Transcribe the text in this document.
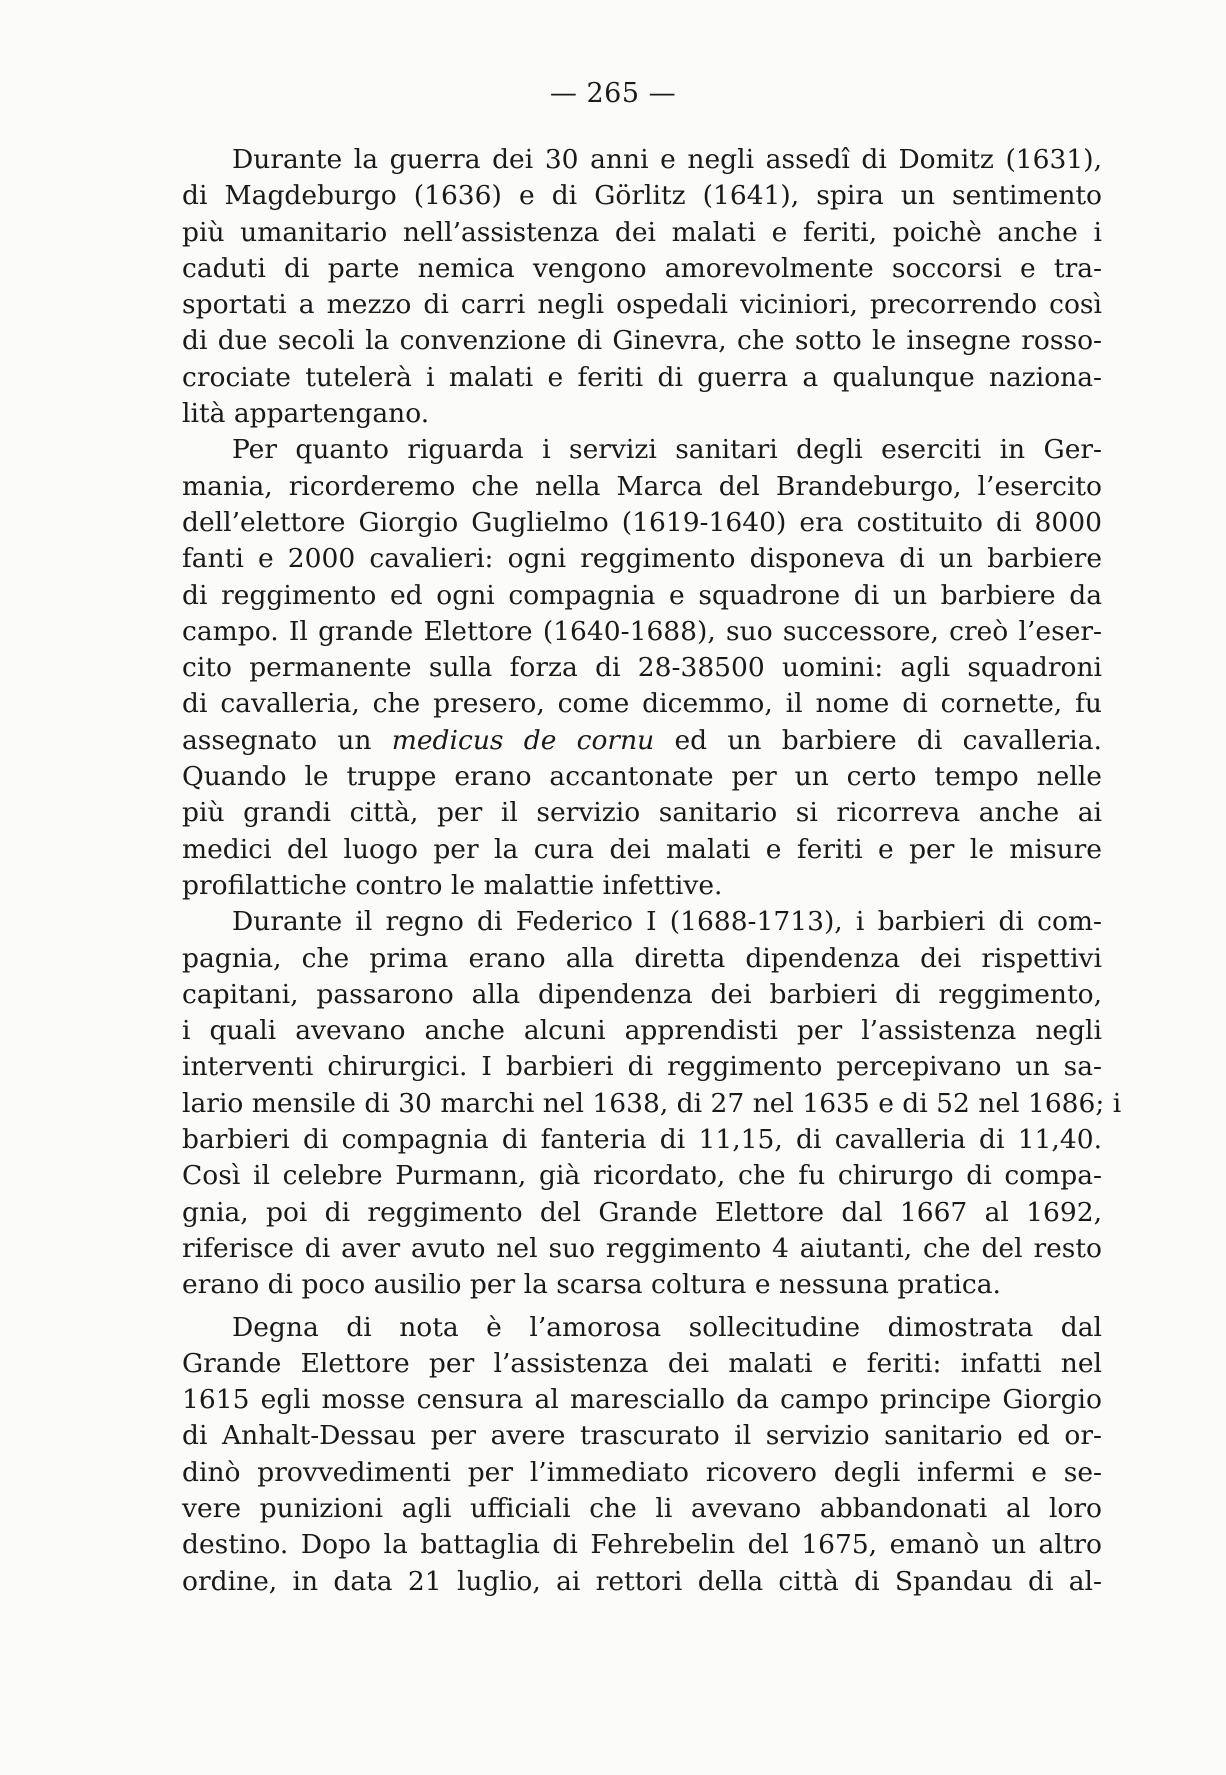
— 265 —
Durante la guerra dei 30 anni e negli assedî di Domitz (1631),
di Magdeburgo (1636) e di Görlitz (1641), spira un sentimento
più umanitario nell’assistenza dei malati e feriti, poichè anche i
caduti di parte nemica vengono amorevolmente soccorsi e tra-
sportati a mezzo di carri negli ospedali viciniori, precorrendo così
di due secoli la convenzione di Ginevra, che sotto le insegne rosso-
crociate tutelerà i malati e feriti di guerra a qualunque naziona-
lità appartengano.
Per quanto riguarda i servizi sanitari degli eserciti in Ger-
mania, ricorderemo che nella Marca del Brandeburgo, l’esercito
dell’elettore Giorgio Guglielmo (1619-1640) era costituito di 8000
fanti e 2000 cavalieri: ogni reggimento disponeva di un barbiere
di reggimento ed ogni compagnia e squadrone di un barbiere da
campo. Il grande Elettore (1640-1688), suo successore, creò l’eser-
cito permanente sulla forza di 28-38500 uomini: agli squadroni
di cavalleria, che presero, come dicemmo, il nome di cornette, fu
assegnato un medicus de cornu ed un barbiere di cavalleria.
Quando le truppe erano accantonate per un certo tempo nelle
più grandi città, per il servizio sanitario si ricorreva anche ai
medici del luogo per la cura dei malati e feriti e per le misure
profilattiche contro le malattie infettive.
Durante il regno di Federico I (1688-1713), i barbieri di com-
pagnia, che prima erano alla diretta dipendenza dei rispettivi
capitani, passarono alla dipendenza dei barbieri di reggimento,
i quali avevano anche alcuni apprendisti per l’assistenza negli
interventi chirurgici. I barbieri di reggimento percepivano un sa-
lario mensile di 30 marchi nel 1638, di 27 nel 1635 e di 52 nel 1686; i
barbieri di compagnia di fanteria di 11,15, di cavalleria di 11,40.
Così il celebre Purmann, già ricordato, che fu chirurgo di compa-
gnia, poi di reggimento del Grande Elettore dal 1667 al 1692,
riferisce di aver avuto nel suo reggimento 4 aiutanti, che del resto
erano di poco ausilio per la scarsa coltura e nessuna pratica.
Degna di nota è l’amorosa sollecitudine dimostrata dal
Grande Elettore per l’assistenza dei malati e feriti: infatti nel
1615 egli mosse censura al maresciallo da campo principe Giorgio
di Anhalt-Dessau per avere trascurato il servizio sanitario ed or-
dinò provvedimenti per l’immediato ricovero degli infermi e se-
vere punizioni agli ufficiali che li avevano abbandonati al loro
destino. Dopo la battaglia di Fehrebelin del 1675, emanò un altro
ordine, in data 21 luglio, ai rettori della città di Spandau di al-
